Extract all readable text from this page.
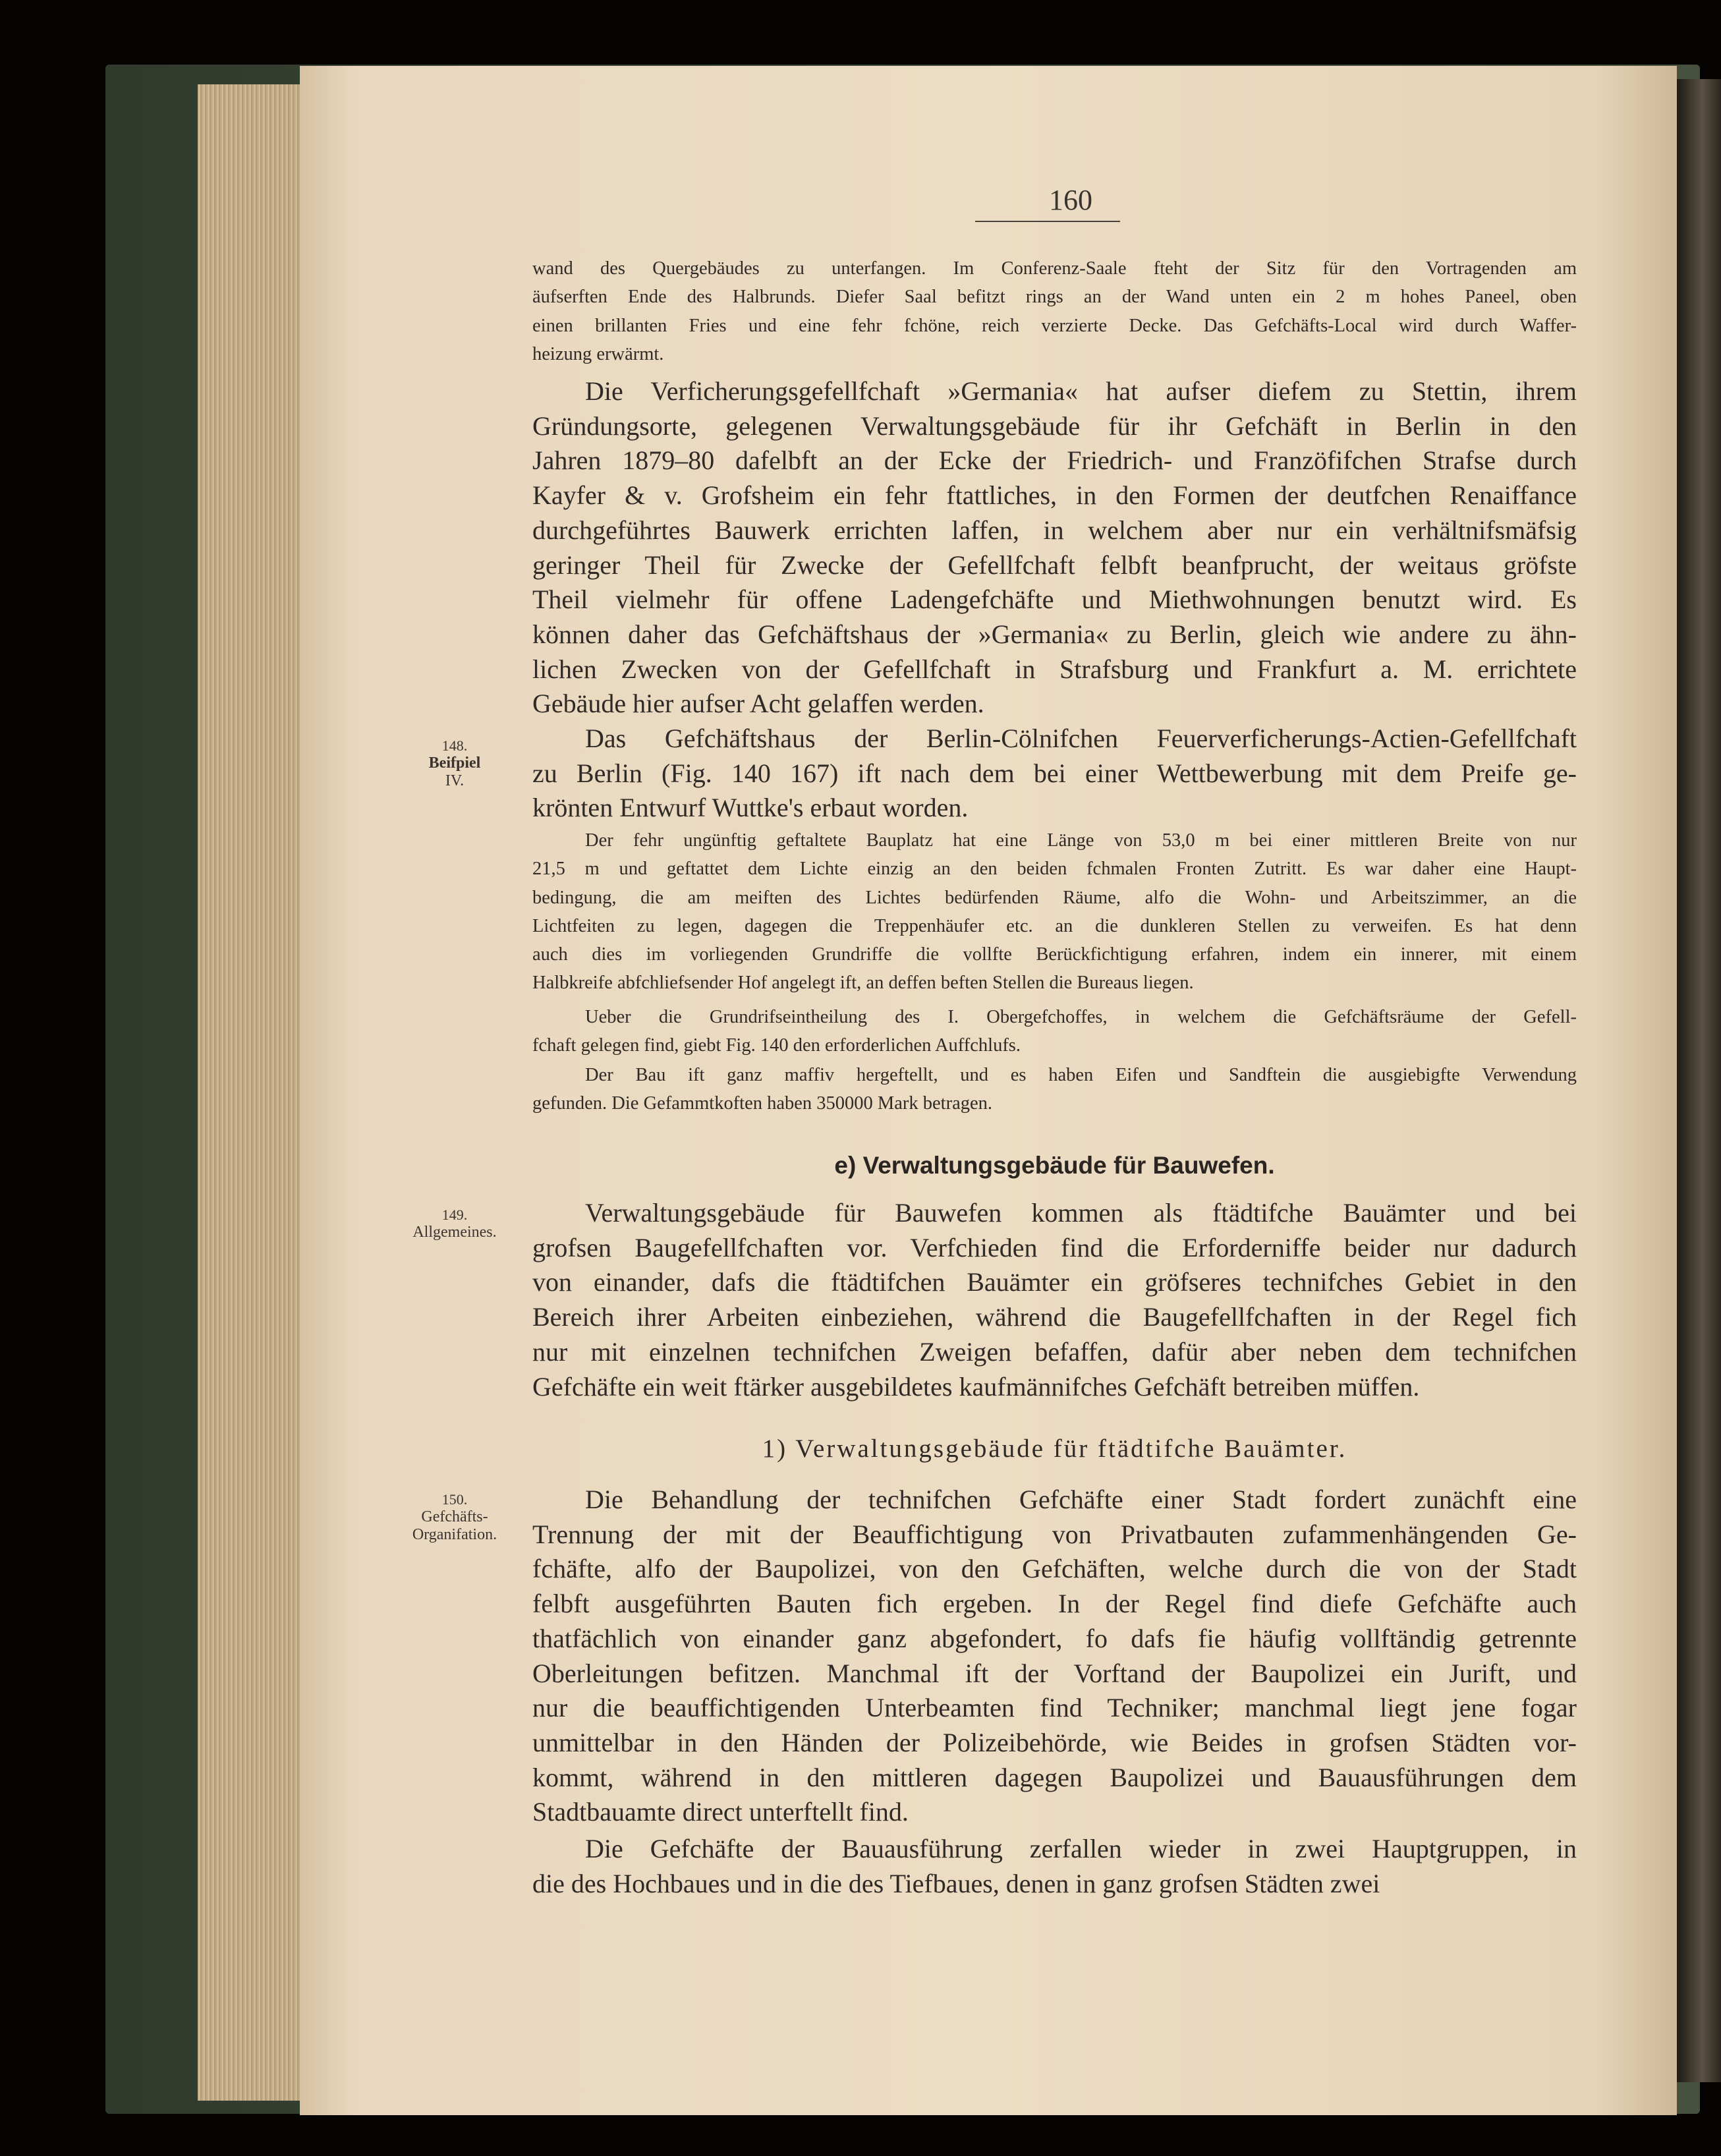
160
wand des Quergebäudes zu unterfangen. Im Conferenz-Saale fteht der Sitz für den Vortragenden am
äufserften Ende des Halbrunds. Diefer Saal befitzt rings an der Wand unten ein 2 m hohes Paneel, oben
einen brillanten Fries und eine fehr fchöne, reich verzierte Decke. Das Gefchäfts-Local wird durch Waffer-
heizung erwärmt.
Die Verficherungsgefellfchaft »Germania« hat aufser diefem zu Stettin, ihrem
Gründungsorte, gelegenen Verwaltungsgebäude für ihr Gefchäft in Berlin in den
Jahren 1879–80 dafelbft an der Ecke der Friedrich- und Franzöfifchen Strafse durch
Kayfer & v. Grofsheim ein fehr ftattliches, in den Formen der deutfchen Renaiffance
durchgeführtes Bauwerk errichten laffen, in welchem aber nur ein verhältnifsmäfsig
geringer Theil für Zwecke der Gefellfchaft felbft beanfprucht, der weitaus gröfste
Theil vielmehr für offene Ladengefchäfte und Miethwohnungen benutzt wird. Es
können daher das Gefchäftshaus der »Germania« zu Berlin, gleich wie andere zu ähn-
lichen Zwecken von der Gefellfchaft in Strafsburg und Frankfurt a. M. errichtete
Gebäude hier aufser Acht gelaffen werden.
Das Gefchäftshaus der Berlin-Cölnifchen Feuerverficherungs-Actien-Gefellfchaft
zu Berlin (Fig. 140 167) ift nach dem bei einer Wettbewerbung mit dem Preife ge-
krönten Entwurf Wuttke's erbaut worden.
Der fehr ungünftig geftaltete Bauplatz hat eine Länge von 53,0 m bei einer mittleren Breite von nur
21,5 m und geftattet dem Lichte einzig an den beiden fchmalen Fronten Zutritt. Es war daher eine Haupt-
bedingung, die am meiften des Lichtes bedürfenden Räume, alfo die Wohn- und Arbeitszimmer, an die
Lichtfeiten zu legen, dagegen die Treppenhäufer etc. an die dunkleren Stellen zu verweifen. Es hat denn
auch dies im vorliegenden Grundriffe die vollfte Berückfichtigung erfahren, indem ein innerer, mit einem
Halbkreife abfchliefsender Hof angelegt ift, an deffen beften Stellen die Bureaus liegen.
Ueber die Grundrifseintheilung des I. Obergefchoffes, in welchem die Gefchäftsräume der Gefell-
fchaft gelegen find, giebt Fig. 140 den erforderlichen Auffchlufs.
Der Bau ift ganz maffiv hergeftellt, und es haben Eifen und Sandftein die ausgiebigfte Verwendung
gefunden. Die Gefammtkoften haben 350000 Mark betragen.
e) Verwaltungsgebäude für Bauwefen.
Verwaltungsgebäude für Bauwefen kommen als ftädtifche Bauämter und bei
grofsen Baugefellfchaften vor. Verfchieden find die Erforderniffe beider nur dadurch
von einander, dafs die ftädtifchen Bauämter ein gröfseres technifches Gebiet in den
Bereich ihrer Arbeiten einbeziehen, während die Baugefellfchaften in der Regel fich
nur mit einzelnen technifchen Zweigen befaffen, dafür aber neben dem technifchen
Gefchäfte ein weit ftärker ausgebildetes kaufmännifches Gefchäft betreiben müffen.
1) Verwaltungsgebäude für ftädtifche Bauämter.
Die Behandlung der technifchen Gefchäfte einer Stadt fordert zunächft eine
Trennung der mit der Beauffichtigung von Privatbauten zufammenhängenden Ge-
fchäfte, alfo der Baupolizei, von den Gefchäften, welche durch die von der Stadt
felbft ausgeführten Bauten fich ergeben. In der Regel find diefe Gefchäfte auch
thatfächlich von einander ganz abgefondert, fo dafs fie häufig vollftändig getrennte
Oberleitungen befitzen. Manchmal ift der Vorftand der Baupolizei ein Jurift, und
nur die beauffichtigenden Unterbeamten find Techniker; manchmal liegt jene fogar
unmittelbar in den Händen der Polizeibehörde, wie Beides in grofsen Städten vor-
kommt, während in den mittleren dagegen Baupolizei und Bauausführungen dem
Stadtbauamte direct unterftellt find.
Die Gefchäfte der Bauausführung zerfallen wieder in zwei Hauptgruppen, in
die des Hochbaues und in die des Tiefbaues, denen in ganz grofsen Städten zwei
148.
Beifpiel
IV.
149.
Allgemeines.
150.
Gefchäfts-
Organifation.
